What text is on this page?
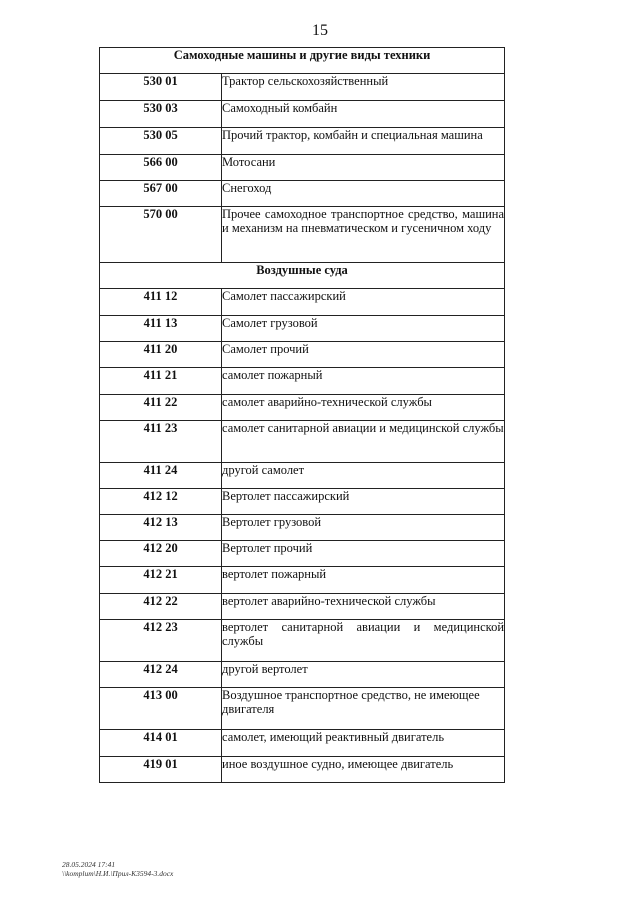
15
Самоходные машины и другие виды техники	
530 01	Трактор сельскохозяйственный
530 03	Самоходный комбайн
530 05	Прочий трактор, комбайн и специальная машина
566 00	Мотосани
567 00	Снегоход
570 00	Прочее самоходное транспортное средство, машина и механизм на пневматическом и гусеничном ходу
Воздушные суда	
411 12	Самолет пассажирский
411 13	Самолет грузовой
411 20	Самолет прочий
411 21	самолет пожарный
411 22	самолет аварийно-технической службы
411 23	самолет санитарной авиации и медицинской службы
411 24	другой самолет
412 12	Вертолет пассажирский
412 13	Вертолет грузовой
412 20	Вертолет прочий
412 21	вертолет пожарный
412 22	вертолет аварийно-технической службы
412 23	вертолет санитарной авиации и медицинской службы
412 24	другой вертолет
413 00	Воздушное транспортное средство, не имеющее двигателя
414 01	самолет, имеющий реактивный двигатель
419 01	иное воздушное судно, имеющее двигатель
28.05.2024 17:41
\\komplum\Н.И.\Прил-К3594-3.docx
